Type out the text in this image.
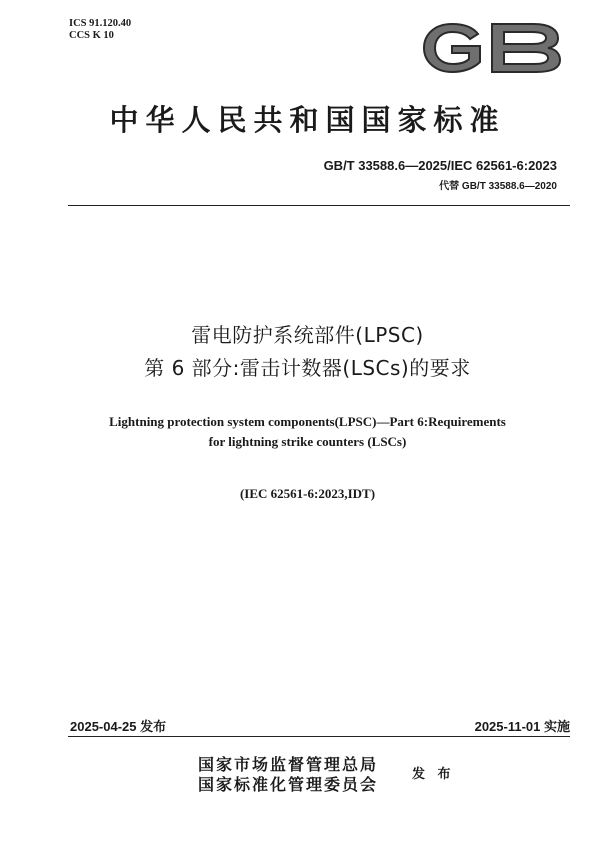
ICS 91.120.40
CCS K 10
中华人民共和国国家标准
GB/T 33588.6—2025/IEC 62561-6:2023
代替 GB/T 33588.6—2020
雷电防护系统部件(LPSC)
第 6 部分:雷击计数器(LSCs)的要求
Lightning protection system components(LPSC)—Part 6:Requirements
for lightning strike counters (LSCs)
(IEC 62561-6:2023,IDT)
2025-04-25 发布	2025-11-01 实施
国家市场监督管理总局
国家标准化管理委员会
发 布
